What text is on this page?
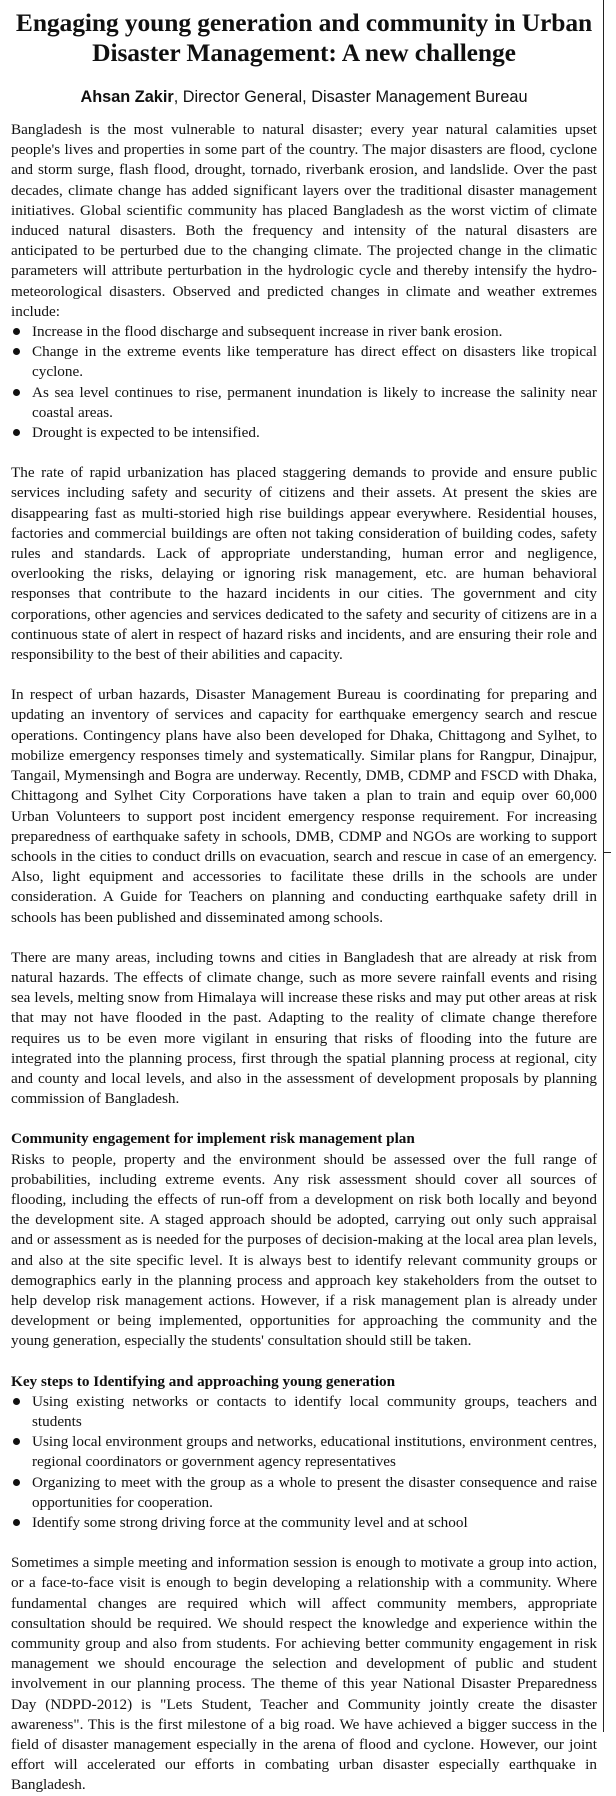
Engaging young generation and community in Urban Disaster Management: A new challenge
Ahsan Zakir, Director General, Disaster Management Bureau

Bangladesh is the most vulnerable to natural disaster; every year natural calamities upset people's lives and properties in some part of the country. The major disasters are flood, cyclone and storm surge, flash flood, drought, tornado, riverbank erosion, and landslide. Over the past decades, climate change has added significant layers over the traditional disaster management initiatives. Global scientific community has placed Bangladesh as the worst victim of climate induced natural disasters. Both the frequency and intensity of the natural disasters are anticipated to be perturbed due to the changing climate. The projected change in the climatic parameters will attribute perturbation in the hydrologic cycle and thereby intensify the hydro-meteorological disasters. Observed and predicted changes in climate and weather extremes include:

Increase in the flood discharge and subsequent increase in river bank erosion.
Change in the extreme events like temperature has direct effect on disasters like tropical cyclone.
As sea level continues to rise, permanent inundation is likely to increase the salinity near coastal areas.
Drought is expected to be intensified.

The rate of rapid urbanization has placed staggering demands to provide and ensure public services including safety and security of citizens and their assets. At present the skies are disappearing fast as multi-storied high rise buildings appear everywhere. Residential houses, factories and commercial buildings are often not taking consideration of building codes, safety rules and standards. Lack of appropriate understanding, human error and negligence, overlooking the risks, delaying or ignoring risk management, etc. are human behavioral responses that contribute to the hazard incidents in our cities. The government and city corporations, other agencies and services dedicated to the safety and security of citizens are in a continuous state of alert in respect of hazard risks and incidents, and are ensuring their role and responsibility to the best of their abilities and capacity.

In respect of urban hazards, Disaster Management Bureau is coordinating for preparing and updating an inventory of services and capacity for earthquake emergency search and rescue operations. Contingency plans have also been developed for Dhaka, Chittagong and Sylhet, to mobilize emergency responses timely and systematically. Similar plans for Rangpur, Dinajpur, Tangail, Mymensingh and Bogra are underway. Recently, DMB, CDMP and FSCD with Dhaka, Chittagong and Sylhet City Corporations have taken a plan to train and equip over 60,000 Urban Volunteers to support post incident emergency response requirement. For increasing preparedness of earthquake safety in schools, DMB, CDMP and NGOs are working to support schools in the cities to conduct drills on evacuation, search and rescue in case of an emergency. Also, light equipment and accessories to facilitate these drills in the schools are under consideration. A Guide for Teachers on planning and conducting earthquake safety drill in schools has been published and disseminated among schools.

There are many areas, including towns and cities in Bangladesh that are already at risk from natural hazards. The effects of climate change, such as more severe rainfall events and rising sea levels, melting snow from Himalaya will increase these risks and may put other areas at risk that may not have flooded in the past. Adapting to the reality of climate change therefore requires us to be even more vigilant in ensuring that risks of flooding into the future are integrated into the planning process, first through the spatial planning process at regional, city and county and local levels, and also in the assessment of development proposals by planning commission of Bangladesh.

Community engagement for implement risk management plan

Risks to people, property and the environment should be assessed over the full range of probabilities, including extreme events. Any risk assessment should cover all sources of flooding, including the effects of run-off from a development on risk both locally and beyond the development site. A staged approach should be adopted, carrying out only such appraisal and or assessment as is needed for the purposes of decision-making at the local area plan levels, and also at the site specific level. It is always best to identify relevant community groups or demographics early in the planning process and approach key stakeholders from the outset to help develop risk management actions. However, if a risk management plan is already under development or being implemented, opportunities for approaching the community and the young generation, especially the students' consultation should still be taken.

Key steps to Identifying and approaching young generation
Using existing networks or contacts to identify local community groups, teachers and students
Using local environment groups and networks, educational institutions, environment centres, regional coordinators or government agency representatives
Organizing to meet with the group as a whole to present the disaster consequence and raise opportunities for cooperation.
Identify some strong driving force at the community level and at school

Sometimes a simple meeting and information session is enough to motivate a group into action, or a face-to-face visit is enough to begin developing a relationship with a community. Where fundamental changes are required which will affect community members, appropriate consultation should be required. We should respect the knowledge and experience within the community group and also from students. For achieving better community engagement in risk management we should encourage the selection and development of public and student involvement in our planning process. The theme of this year National Disaster Preparedness Day (NDPD-2012) is "Lets Student, Teacher and Community jointly create the disaster awareness". This is the first milestone of a big road. We have achieved a bigger success in the field of disaster management especially in the arena of flood and cyclone. However, our joint effort will accelerated our efforts in combating urban disaster especially earthquake in Bangladesh.
